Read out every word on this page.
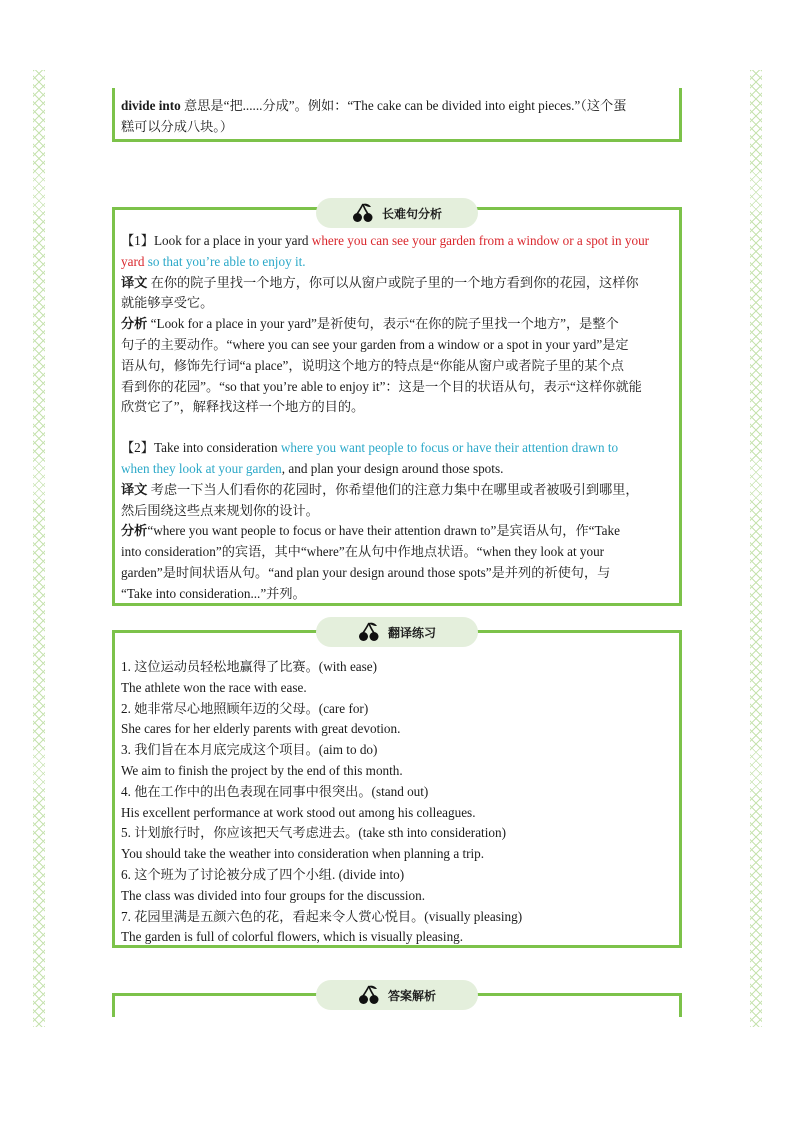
divide into 意思是“把......分成”。例如：“The cake can be divided into eight pieces.”（这个蛋
糕可以分成八块。）
【1】Look for a place in your yard where you can see your garden from a window or a spot in your
yard so that you’re able to enjoy it.
译文 在你的院子里找一个地方，你可以从窗户或院子里的一个地方看到你的花园，这样你
就能够享受它。
分析 “Look for a place in your yard”是祈使句，表示“在你的院子里找一个地方”，是整个
句子的主要动作。“where you can see your garden from a window or a spot in your yard”是定
语从句，修饰先行词“a place”，说明这个地方的特点是“你能从窗户或者院子里的某个点
看到你的花园”。“so that you’re able to enjoy it”：这是一个目的状语从句，表示“这样你就能
欣赏它了”，解释找这样一个地方的目的。
【2】Take into consideration where you want people to focus or have their attention drawn to
when they look at your garden, and plan your design around those spots.
译文 考虑一下当人们看你的花园时，你希望他们的注意力集中在哪里或者被吸引到哪里，
然后围绕这些点来规划你的设计。
分析“where you want people to focus or have their attention drawn to”是宾语从句，作“Take
into consideration”的宾语，其中“where”在从句中作地点状语。“when they look at your
garden”是时间状语从句。“and plan your design around those spots”是并列的祈使句，与
“Take into consideration...”并列。
长难句分析
1. 这位运动员轻松地赢得了比赛。(with ease)
The athlete won the race with ease.
2. 她非常尽心地照顾年迈的父母。(care for)
She cares for her elderly parents with great devotion.
3. 我们旨在本月底完成这个项目。(aim to do)
We aim to finish the project by the end of this month.
4. 他在工作中的出色表现在同事中很突出。(stand out)
His excellent performance at work stood out among his colleagues.
5. 计划旅行时，你应该把天气考虑进去。(take sth into consideration)
You should take the weather into consideration when planning a trip.
6. 这个班为了讨论被分成了四个小组. (divide into)
The class was divided into four groups for the discussion.
7. 花园里满是五颜六色的花，看起来令人赏心悦目。(visually pleasing)
The garden is full of colorful flowers, which is visually pleasing.
翻译练习
答案解析
